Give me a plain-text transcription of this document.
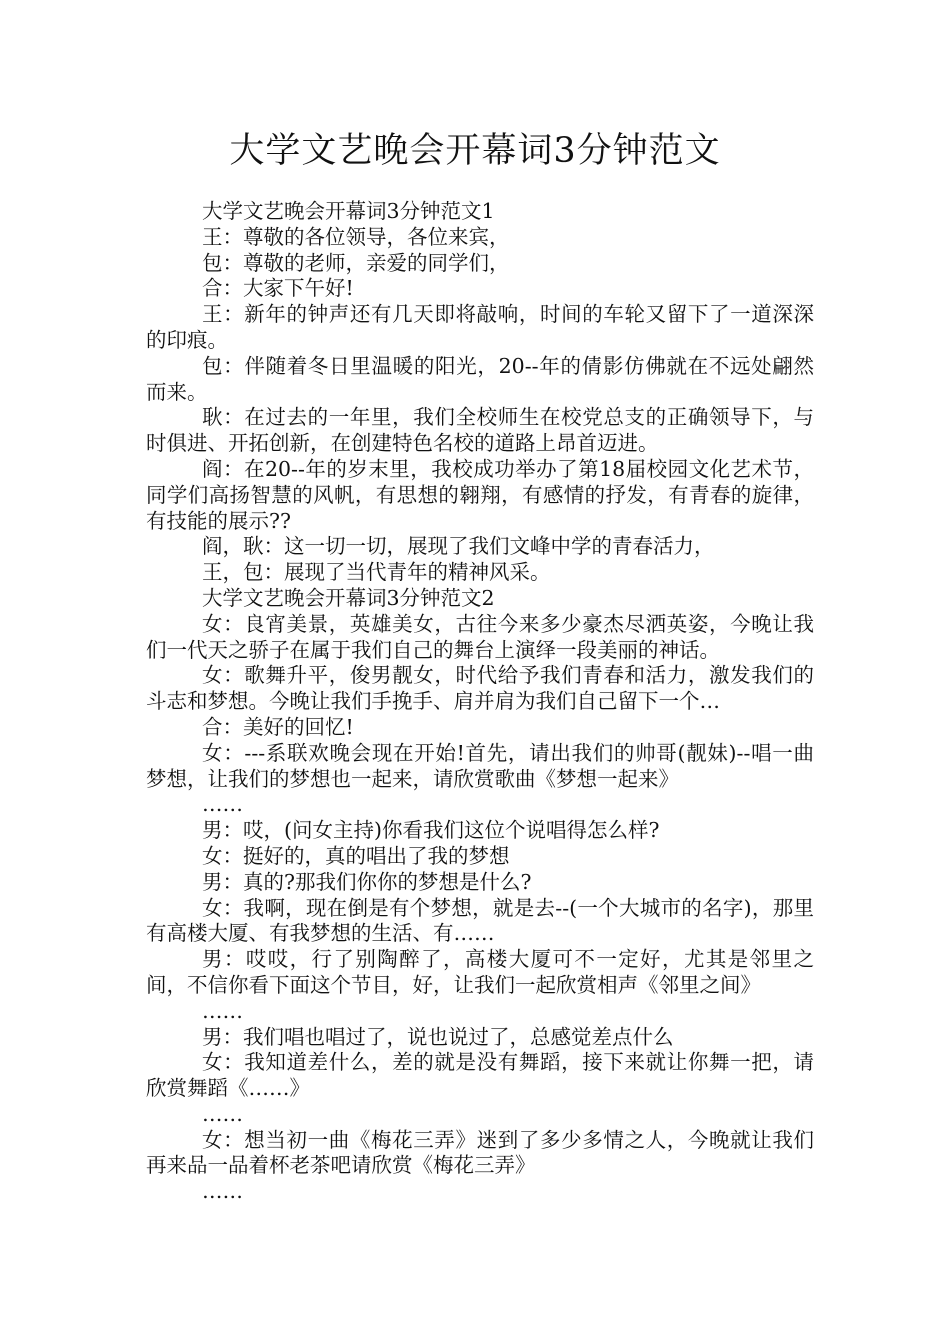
大学文艺晚会开幕词3分钟范文

大学文艺晚会开幕词3分钟范文1

王：尊敬的各位领导，各位来宾，

包：尊敬的老师，亲爱的同学们，

合：大家下午好!

王：新年的钟声还有几天即将敲响，时间的车轮又留下了一道深深的印痕。

包：伴随着冬日里温暖的阳光，20--年的倩影仿佛就在不远处翩然而来。

耿：在过去的一年里，我们全校师生在校党总支的正确领导下，与时俱进、开拓创新，在创建特色名校的道路上昂首迈进。

阎：在20--年的岁末里，我校成功举办了第18届校园文化艺术节，同学们高扬智慧的风帆，有思想的翱翔，有感情的抒发，有青春的旋律，有技能的展示??

阎，耿：这一切一切，展现了我们文峰中学的青春活力，

王，包：展现了当代青年的精神风采。

大学文艺晚会开幕词3分钟范文2

女：良宵美景，英雄美女，古往今来多少豪杰尽洒英姿，今晚让我们一代天之骄子在属于我们自己的舞台上演绎一段美丽的神话。

女：歌舞升平，俊男靓女，时代给予我们青春和活力，激发我们的斗志和梦想。今晚让我们手挽手、肩并肩为我们自己留下一个…

合：美好的回忆!

女：---系联欢晚会现在开始!首先，请出我们的帅哥(靓妹)--唱一曲梦想，让我们的梦想也一起来，请欣赏歌曲《梦想一起来》

……

男：哎，(问女主持)你看我们这位个说唱得怎么样?

女：挺好的，真的唱出了我的梦想

男：真的?那我们你你的梦想是什么?

女：我啊，现在倒是有个梦想，就是去--(一个大城市的名字)，那里有高楼大厦、有我梦想的生活、有……

男：哎哎，行了别陶醉了，高楼大厦可不一定好，尤其是邻里之间，不信你看下面这个节目，好，让我们一起欣赏相声《邻里之间》

……

男：我们唱也唱过了，说也说过了，总感觉差点什么

女：我知道差什么，差的就是没有舞蹈，接下来就让你舞一把，请欣赏舞蹈《……》

……

女：想当初一曲《梅花三弄》迷到了多少多情之人，今晚就让我们再来品一品着杯老茶吧请欣赏《梅花三弄》

……
